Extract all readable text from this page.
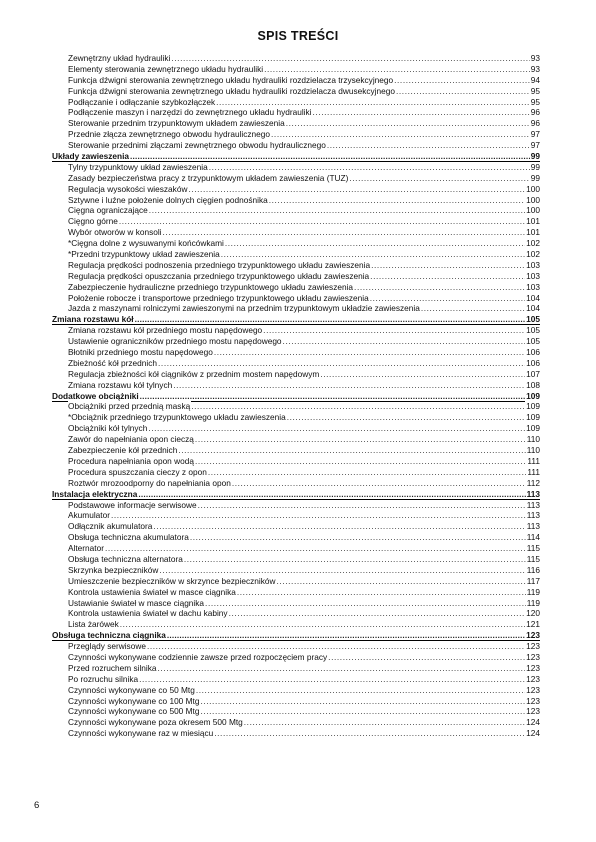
SPIS TREŚCI
Zewnętrzny układ hydrauliki .....	93
Elementy sterowania zewnętrznego układu hydrauliki .....	93
Funkcja dźwigni sterowania zewnętrznego układu hydrauliki rozdzielacza trzysekcyjnego .....	94
Funkcja dźwigni sterowania zewnętrznego układu hydrauliki rozdzielacza dwusekcyjnego .....	95
Podłączanie i odłączanie szybkozłączek .....	95
Podłączenie maszyn i narzędzi do zewnętrznego układu hydrauliki .....	96
Sterowanie przednim trzypunktowym układem zawieszenia .....	96
Przednie złącza zewnętrznego obwodu hydraulicznego .....	97
Sterowanie przednimi złączami zewnętrznego obwodu hydraulicznego .....	97
Układy zawieszenia .....	99
Tylny trzypunktowy układ zawieszenia .....	99
Zasady bezpieczeństwa pracy z trzypunktowym układem zawieszenia (TUZ) .....	99
Regulacja wysokości wieszaków .....	100
Sztywne i luźne położenie dolnych cięgien podnośnika .....	100
Cięgna ograniczające .....	100
Cięgno górne .....	101
Wybór otworów w konsoli .....	101
*Cięgna dolne z wysuwanymi końcówkami .....	102
*Przedni trzypunktowy układ zawieszenia .....	102
Regulacja prędkości podnoszenia przedniego trzypunktowego układu zawieszenia .....	103
Regulacja prędkości opuszczania przedniego trzypunktowego układu zawieszenia .....	103
Zabezpieczenie hydrauliczne przedniego trzypunktowego układu zawieszenia .....	103
Położenie robocze i transportowe przedniego trzypunktowego układu zawieszenia .....	104
Jazda z maszynami rolniczymi zawieszonymi na przednim trzypunktowym układzie zawieszenia .....	104
Zmiana rozstawu kół .....	105
Zmiana rozstawu kół przedniego mostu napędowego .....	105
Ustawienie ograniczników przedniego mostu napędowego .....	105
Błotniki przedniego mostu napędowego .....	106
Zbieżność kół przednich .....	106
Regulacja zbieżności kół ciągników z przednim mostem napędowym .....	107
Zmiana rozstawu kół tylnych .....	108
Dodatkowe obciążniki .....	109
Obciążniki przed przednią maską .....	109
*Obciążnik przedniego trzypunktowego układu zawieszenia .....	109
Obciążniki kół tylnych .....	109
Zawór do napełniania opon cieczą .....	110
Zabezpieczenie kół przednich .....	110
Procedura napełniania opon wodą .....	111
Procedura spuszczania cieczy z opon .....	111
Roztwór mrozoodporny do napełniania opon .....	112
Instalacja elektryczna .....	113
Podstawowe informacje serwisowe .....	113
Akumulator .....	113
Odłącznik akumulatora .....	113
Obsługa techniczna akumulatora .....	114
Alternator .....	115
Obsługa techniczna alternatora .....	115
Skrzynka bezpieczników .....	116
Umieszczenie bezpieczników w skrzynce bezpieczników .....	117
Kontrola ustawienia świateł w masce ciągnika .....	119
Ustawianie świateł w masce ciągnika .....	119
Kontrola ustawienia świateł w dachu kabiny .....	120
Lista żarówek .....	121
Obsługa techniczna ciągnika .....	123
Przeglądy serwisowe .....	123
Czynności wykonywane codziennie zawsze przed rozpoczęciem pracy .....	123
Przed rozruchem silnika .....	123
Po rozruchu silnika .....	123
Czynności wykonywane co 50 Mtg .....	123
Czynności wykonywane co 100 Mtg .....	123
Czynności wykonywane co 500 Mtg .....	123
Czynności wykonywane poza okresem 500 Mtg .....	124
Czynności wykonywane raz w miesiącu .....	124
6
